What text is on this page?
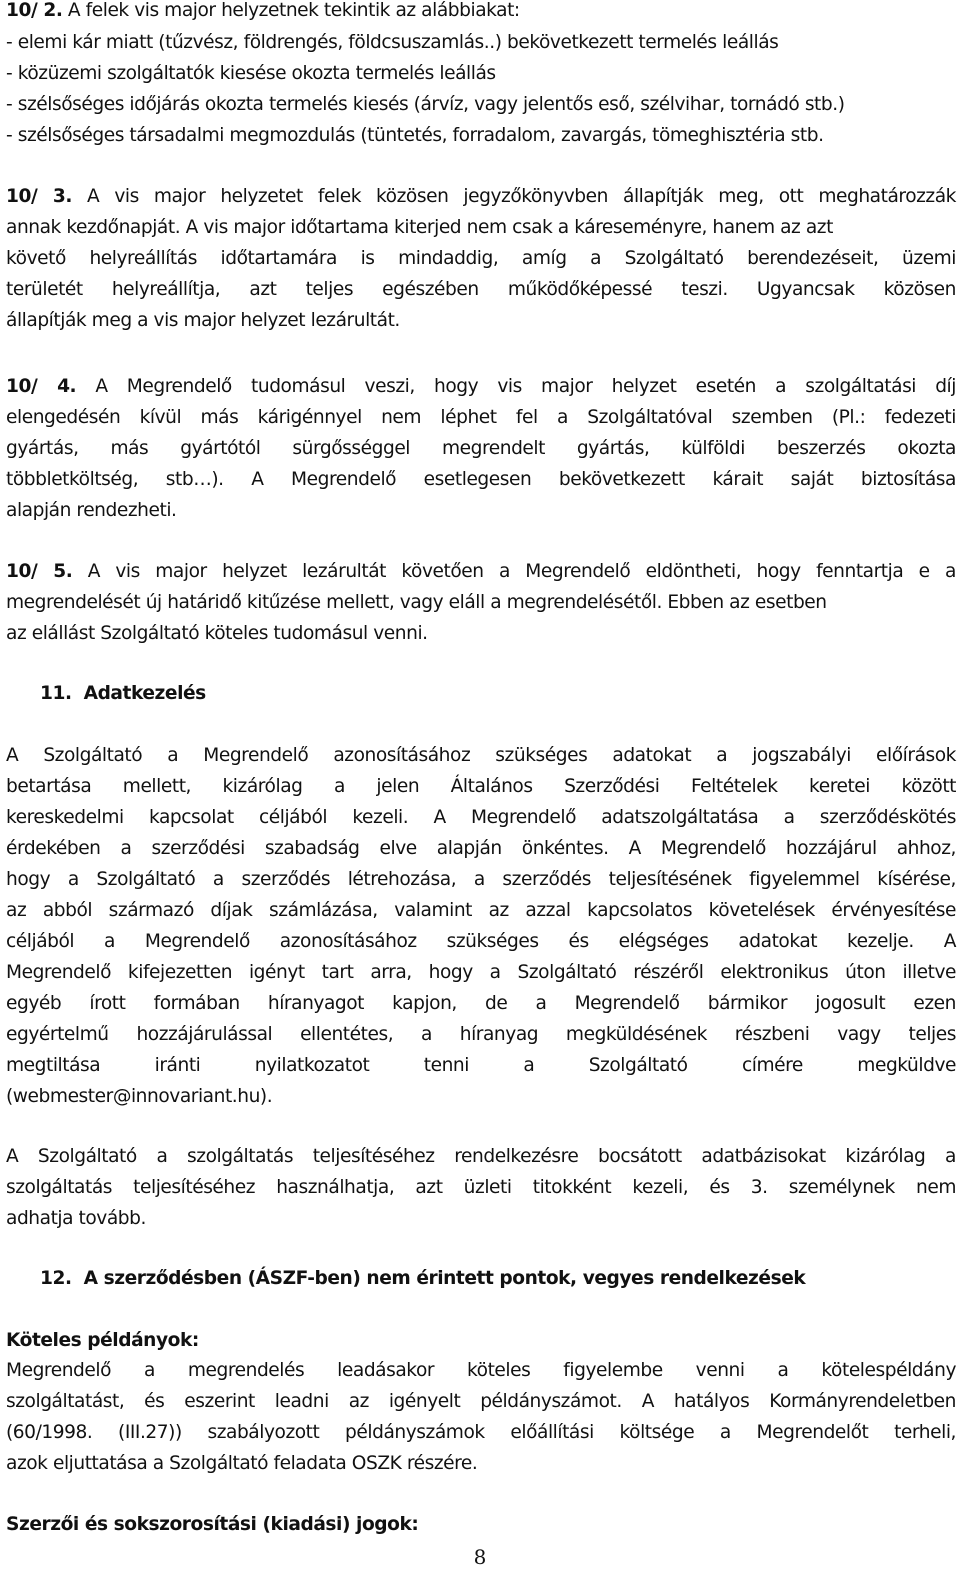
10/ 2. A felek vis major helyzetnek tekintik az alábbiakat:
- elemi kár miatt (tűzvész, földrengés, földcsuszamlás..) bekövetkezett termelés leállás
- közüzemi szolgáltatók kiesése okozta termelés leállás
- szélsőséges időjárás okozta termelés kiesés (árvíz, vagy jelentős eső, szélvihar, tornádó stb.)
- szélsőséges társadalmi megmozdulás (tüntetés, forradalom, zavargás, tömeghisztéria stb.
10/ 3. A vis major helyzetet felek közösen jegyzőkönyvben állapítják meg, ott meghatározzák
annak kezdőnapját. A vis major időtartama kiterjed nem csak a káreseményre, hanem az azt
követő helyreállítás időtartamára is mindaddig, amíg a Szolgáltató berendezéseit, üzemi
területét helyreállítja, azt teljes egészében működőképessé teszi. Ugyancsak közösen
állapítják meg a vis major helyzet lezárultát.
10/ 4. A Megrendelő tudomásul veszi, hogy vis major helyzet esetén a szolgáltatási díj
elengedésén kívül más kárigénnyel nem léphet fel a Szolgáltatóval szemben (Pl.: fedezeti
gyártás, más gyártótól sürgősséggel megrendelt gyártás, külföldi beszerzés okozta
többletköltség, stb…). A Megrendelő esetlegesen bekövetkezett kárait saját biztosítása
alapján rendezheti.
10/ 5. A vis major helyzet lezárultát követően a Megrendelő eldöntheti, hogy fenntartja e a
megrendelését új határidő kitűzése mellett, vagy eláll a megrendelésétől. Ebben az esetben
az elállást Szolgáltató köteles tudomásul venni.
11.  Adatkezelés
A Szolgáltató a Megrendelő azonosításához szükséges adatokat a jogszabályi előírások
betartása mellett, kizárólag a jelen Általános Szerződési Feltételek keretei között
kereskedelmi kapcsolat céljából kezeli. A Megrendelő adatszolgáltatása a szerződéskötés
érdekében a szerződési szabadság elve alapján önkéntes. A Megrendelő hozzájárul ahhoz,
hogy a Szolgáltató a szerződés létrehozása, a szerződés teljesítésének figyelemmel kísérése,
az abból származó díjak számlázása, valamint az azzal kapcsolatos követelések érvényesítése
céljából a Megrendelő azonosításához szükséges és elégséges adatokat kezelje. A
Megrendelő kifejezetten igényt tart arra, hogy a Szolgáltató részéről elektronikus úton illetve
egyéb írott formában híranyagot kapjon, de a Megrendelő bármikor jogosult ezen
egyértelmű hozzájárulással ellentétes, a híranyag megküldésének részbeni vagy teljes
megtiltása iránti nyilatkozatot tenni a Szolgáltató címére megküldve
(webmester@innovariant.hu).
A Szolgáltató a szolgáltatás teljesítéséhez rendelkezésre bocsátott adatbázisokat kizárólag a
szolgáltatás teljesítéséhez használhatja, azt üzleti titokként kezeli, és 3. személynek nem
adhatja tovább.
12.  A szerződésben (ÁSZF-ben) nem érintett pontok, vegyes rendelkezések
Köteles példányok:
Megrendelő a megrendelés leadásakor köteles figyelembe venni a kötelespéldány
szolgáltatást, és eszerint leadni az igényelt példányszámot. A hatályos Kormányrendeletben
(60/1998. (III.27)) szabályozott példányszámok előállítási költsége a Megrendelőt terheli,
azok eljuttatása a Szolgáltató feladata OSZK részére.
Szerzői és sokszorosítási (kiadási) jogok:
8
